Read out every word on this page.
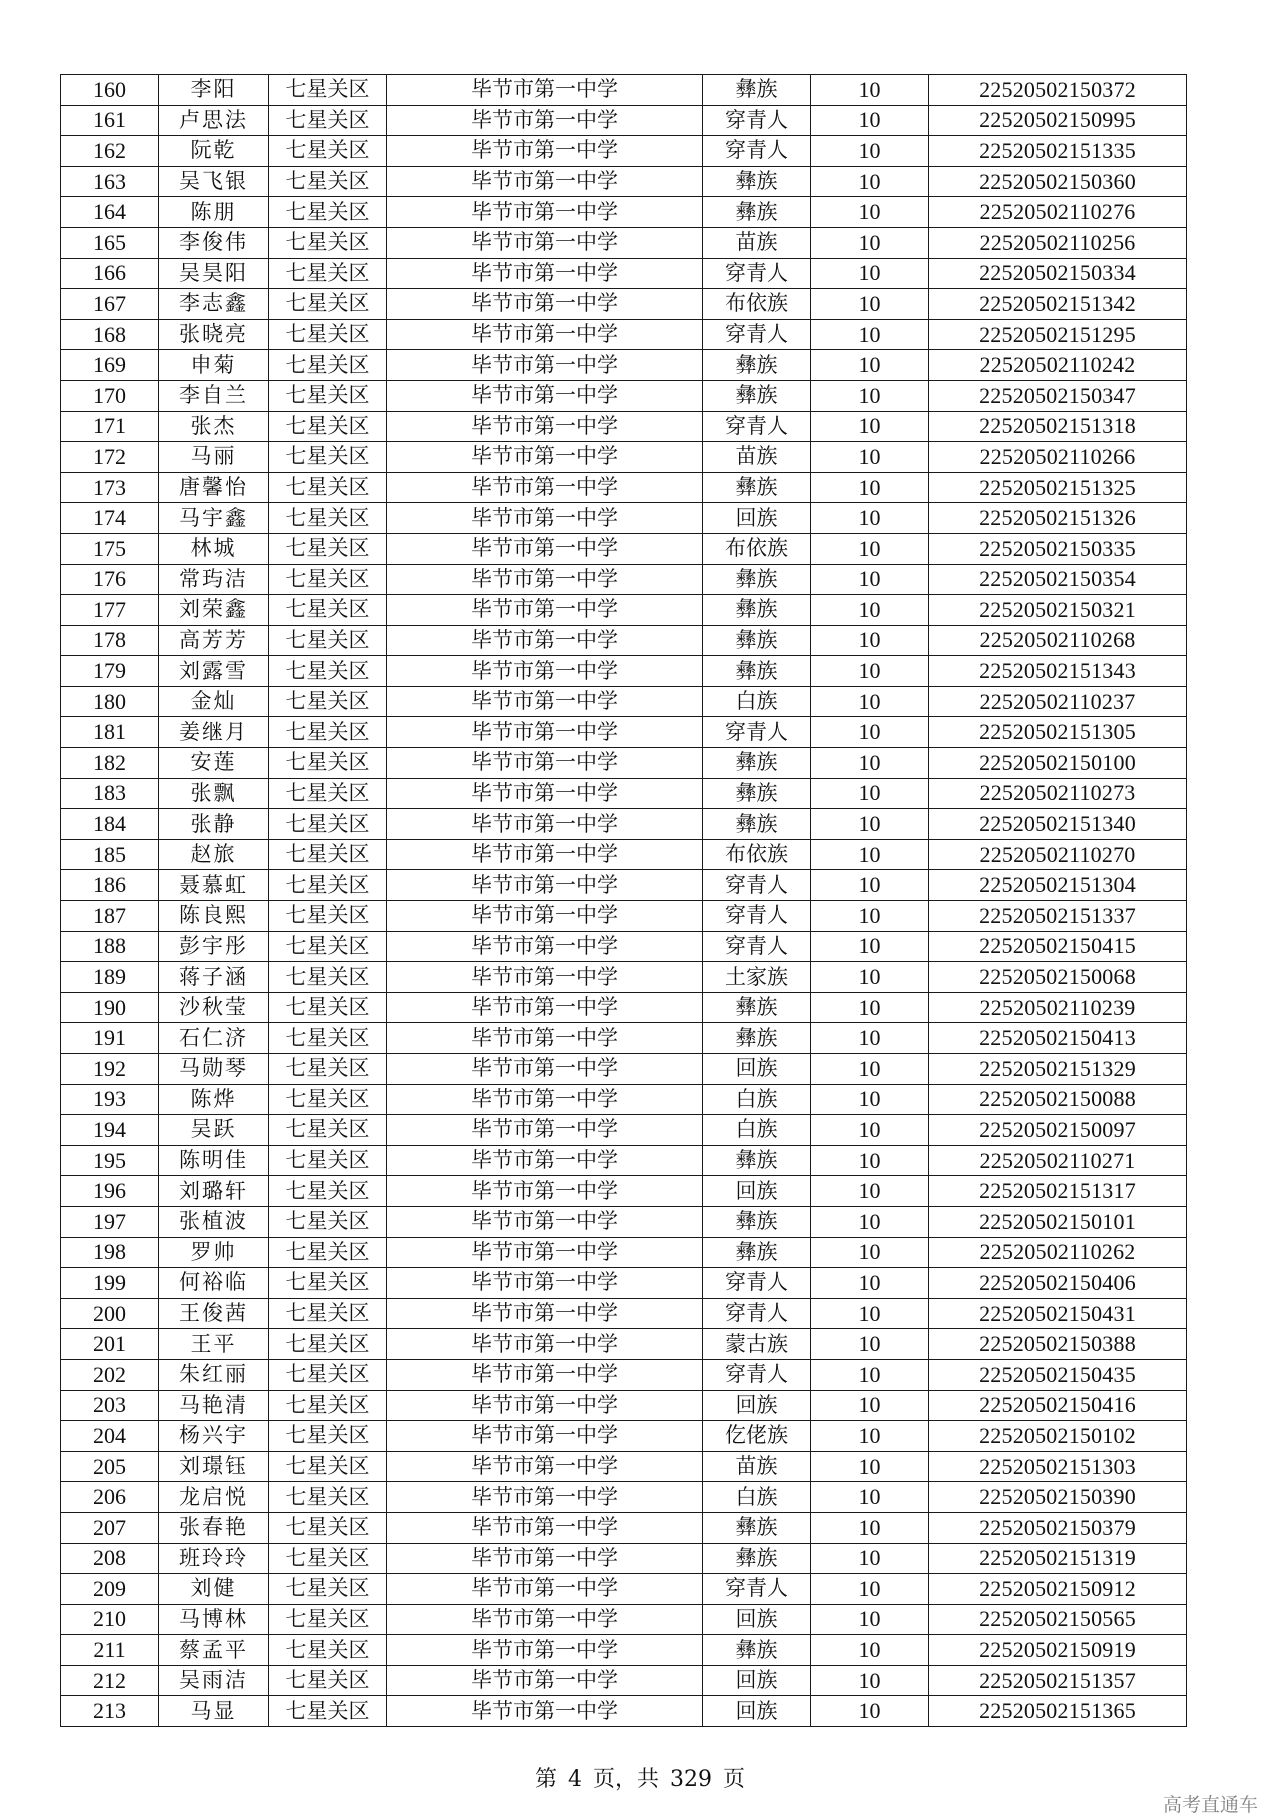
160	李阳	七星关区	毕节市第一中学	彝族	10	22520502150372
161	卢思法	七星关区	毕节市第一中学	穿青人	10	22520502150995
162	阮乾	七星关区	毕节市第一中学	穿青人	10	22520502151335
163	吴飞银	七星关区	毕节市第一中学	彝族	10	22520502150360
164	陈朋	七星关区	毕节市第一中学	彝族	10	22520502110276
165	李俊伟	七星关区	毕节市第一中学	苗族	10	22520502110256
166	吴昊阳	七星关区	毕节市第一中学	穿青人	10	22520502150334
167	李志鑫	七星关区	毕节市第一中学	布依族	10	22520502151342
168	张晓亮	七星关区	毕节市第一中学	穿青人	10	22520502151295
169	申菊	七星关区	毕节市第一中学	彝族	10	22520502110242
170	李自兰	七星关区	毕节市第一中学	彝族	10	22520502150347
171	张杰	七星关区	毕节市第一中学	穿青人	10	22520502151318
172	马丽	七星关区	毕节市第一中学	苗族	10	22520502110266
173	唐馨怡	七星关区	毕节市第一中学	彝族	10	22520502151325
174	马宇鑫	七星关区	毕节市第一中学	回族	10	22520502151326
175	林城	七星关区	毕节市第一中学	布依族	10	22520502150335
176	常玙洁	七星关区	毕节市第一中学	彝族	10	22520502150354
177	刘荣鑫	七星关区	毕节市第一中学	彝族	10	22520502150321
178	高芳芳	七星关区	毕节市第一中学	彝族	10	22520502110268
179	刘露雪	七星关区	毕节市第一中学	彝族	10	22520502151343
180	金灿	七星关区	毕节市第一中学	白族	10	22520502110237
181	姜继月	七星关区	毕节市第一中学	穿青人	10	22520502151305
182	安莲	七星关区	毕节市第一中学	彝族	10	22520502150100
183	张飘	七星关区	毕节市第一中学	彝族	10	22520502110273
184	张静	七星关区	毕节市第一中学	彝族	10	22520502151340
185	赵旅	七星关区	毕节市第一中学	布依族	10	22520502110270
186	聂慕虹	七星关区	毕节市第一中学	穿青人	10	22520502151304
187	陈良熙	七星关区	毕节市第一中学	穿青人	10	22520502151337
188	彭宇彤	七星关区	毕节市第一中学	穿青人	10	22520502150415
189	蒋子涵	七星关区	毕节市第一中学	土家族	10	22520502150068
190	沙秋莹	七星关区	毕节市第一中学	彝族	10	22520502110239
191	石仁济	七星关区	毕节市第一中学	彝族	10	22520502150413
192	马勋琴	七星关区	毕节市第一中学	回族	10	22520502151329
193	陈烨	七星关区	毕节市第一中学	白族	10	22520502150088
194	吴跃	七星关区	毕节市第一中学	白族	10	22520502150097
195	陈明佳	七星关区	毕节市第一中学	彝族	10	22520502110271
196	刘璐轩	七星关区	毕节市第一中学	回族	10	22520502151317
197	张植波	七星关区	毕节市第一中学	彝族	10	22520502150101
198	罗帅	七星关区	毕节市第一中学	彝族	10	22520502110262
199	何裕临	七星关区	毕节市第一中学	穿青人	10	22520502150406
200	王俊茜	七星关区	毕节市第一中学	穿青人	10	22520502150431
201	王平	七星关区	毕节市第一中学	蒙古族	10	22520502150388
202	朱红丽	七星关区	毕节市第一中学	穿青人	10	22520502150435
203	马艳清	七星关区	毕节市第一中学	回族	10	22520502150416
204	杨兴宇	七星关区	毕节市第一中学	仡佬族	10	22520502150102
205	刘璟钰	七星关区	毕节市第一中学	苗族	10	22520502151303
206	龙启悦	七星关区	毕节市第一中学	白族	10	22520502150390
207	张春艳	七星关区	毕节市第一中学	彝族	10	22520502150379
208	班玲玲	七星关区	毕节市第一中学	彝族	10	22520502151319
209	刘健	七星关区	毕节市第一中学	穿青人	10	22520502150912
210	马博林	七星关区	毕节市第一中学	回族	10	22520502150565
211	蔡孟平	七星关区	毕节市第一中学	彝族	10	22520502150919
212	吴雨洁	七星关区	毕节市第一中学	回族	10	22520502151357
213	马显	七星关区	毕节市第一中学	回族	10	22520502151365
第 4 页，共 329 页
高考直通车
